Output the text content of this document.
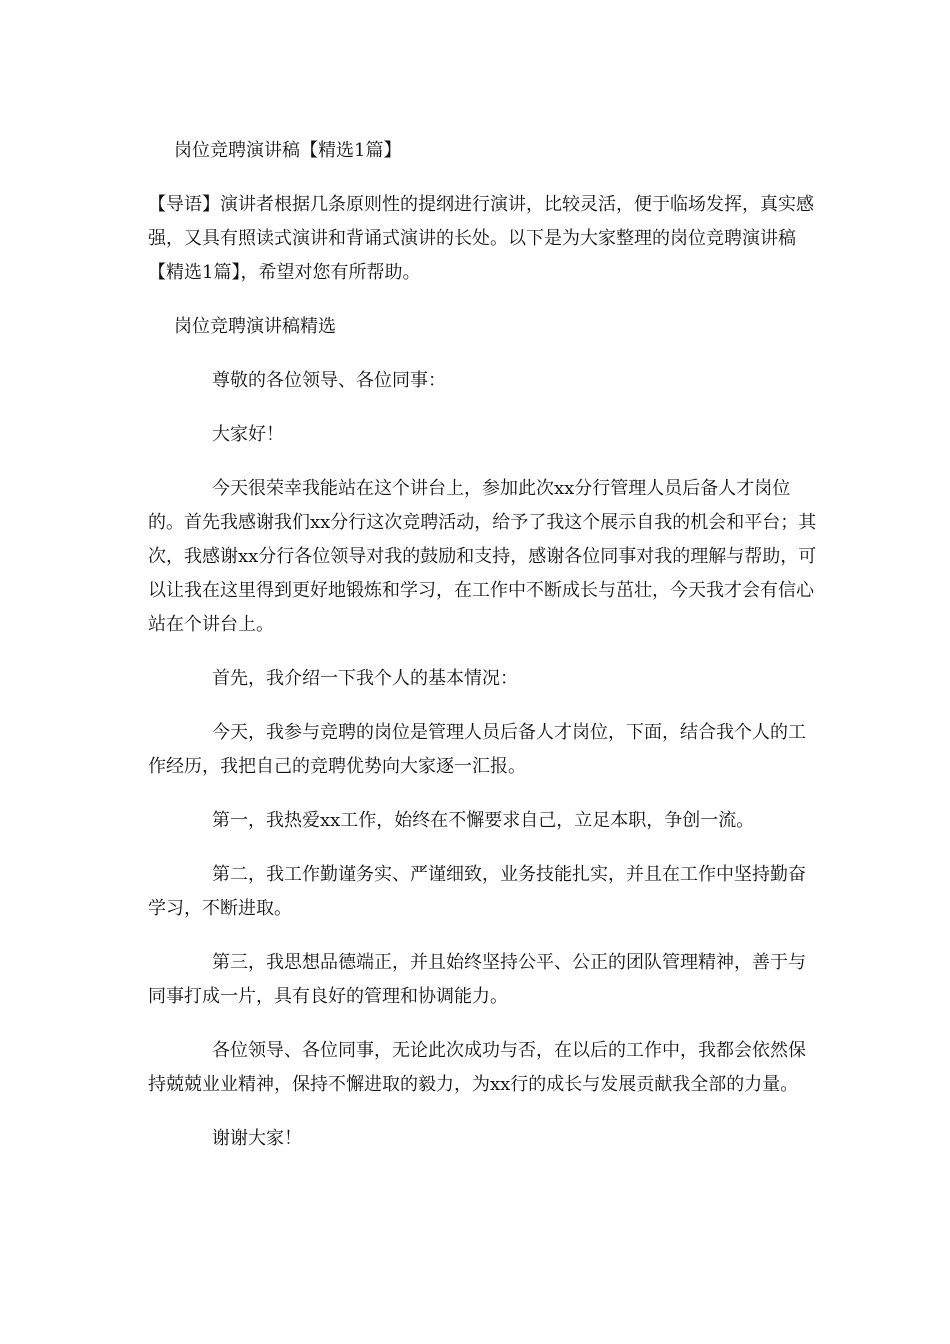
岗位竞聘演讲稿【精选1篇】

【导语】演讲者根据几条原则性的提纲进行演讲，比较灵活，便于临场发挥，真实感强，又具有照读式演讲和背诵式演讲的长处。以下是为大家整理的岗位竞聘演讲稿【精选1篇】，希望对您有所帮助。

岗位竞聘演讲稿精选

尊敬的各位领导、各位同事：

大家好！

今天很荣幸我能站在这个讲台上，参加此次xx分行管理人员后备人才岗位的。首先我感谢我们xx分行这次竞聘活动，给予了我这个展示自我的机会和平台；其次，我感谢xx分行各位领导对我的鼓励和支持，感谢各位同事对我的理解与帮助，可以让我在这里得到更好地锻炼和学习，在工作中不断成长与茁壮，今天我才会有信心站在个讲台上。

首先，我介绍一下我个人的基本情况：

今天，我参与竞聘的岗位是管理人员后备人才岗位，下面，结合我个人的工作经历，我把自己的竞聘优势向大家逐一汇报。

第一，我热爱xx工作，始终在不懈要求自己，立足本职，争创一流。

第二，我工作勤谨务实、严谨细致，业务技能扎实，并且在工作中坚持勤奋学习，不断进取。

第三，我思想品德端正，并且始终坚持公平、公正的团队管理精神，善于与同事打成一片，具有良好的管理和协调能力。

各位领导、各位同事，无论此次成功与否，在以后的工作中，我都会依然保持兢兢业业精神，保持不懈进取的毅力，为xx行的成长与发展贡献我全部的力量。

谢谢大家！
